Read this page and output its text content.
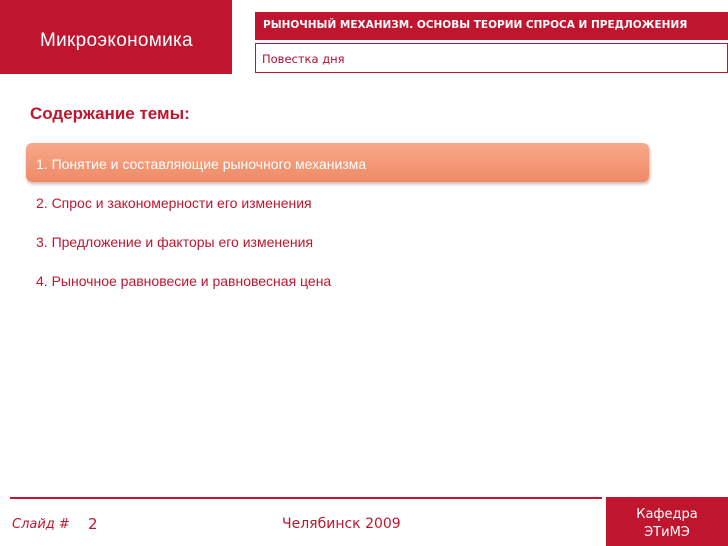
Микроэкономика
РЫНОЧНЫЙ МЕХАНИЗМ. ОСНОВЫ ТЕОРИИ СПРОСА И ПРЕДЛОЖЕНИЯ
Повестка дня
Содержание темы:
1. Понятие и составляющие рыночного механизма
2. Спрос и закономерности его изменения
3. Предложение и факторы его изменения
4. Рыночное равновесие и равновесная цена
Слайд # 2	Челябинск 2009
Кафедра
ЭТиМЭ
